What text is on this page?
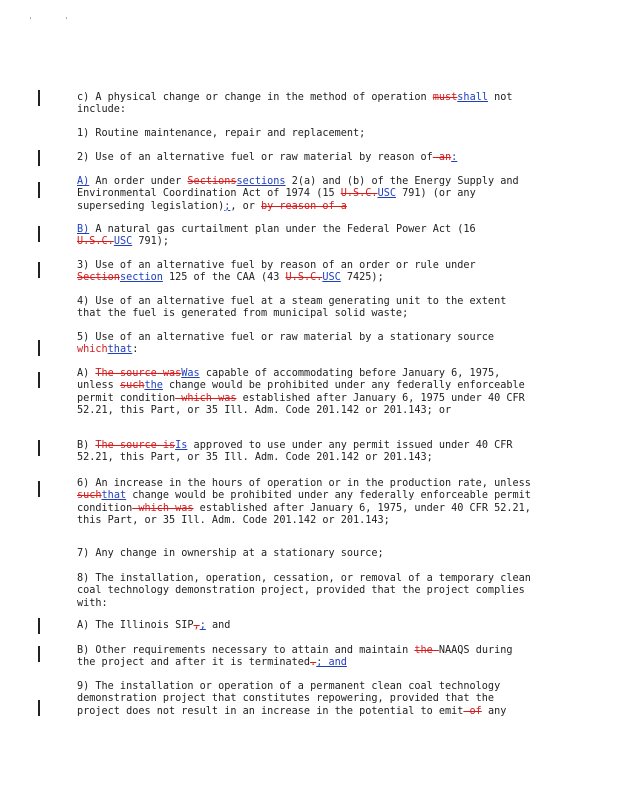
'	'
c) A physical change or change in the method of operation mustshall not include:
1) Routine maintenance, repair and replacement;
2) Use of an alternative fuel or raw material by reason of an:
A) An order under Sectionssections 2(a) and (b) of the Energy Supply and Environmental Coordination Act of 1974 (15 U.S.C.USC 791) (or any superseding legislation);, or by reason of a
B) A natural gas curtailment plan under the Federal Power Act (16 U.S.C.USC 791);
3) Use of an alternative fuel by reason of an order or rule under Sectionsection 125 of the CAA (43 U.S.C.USC 7425);
4) Use of an alternative fuel at a steam generating unit to the extent that the fuel is generated from municipal solid waste;
5) Use of an alternative fuel or raw material by a stationary source whichthat:
A) The source wasWas capable of accommodating before January 6, 1975, unless suchthe change would be prohibited under any federally enforceable permit condition which was established after January 6, 1975 under 40 CFR 52.21, this Part, or 35 Ill. Adm. Code 201.142 or 201.143; or
B) The source isIs approved to use under any permit issued under 40 CFR 52.21, this Part, or 35 Ill. Adm. Code 201.142 or 201.143;
6) An increase in the hours of operation or in the production rate, unless suchthat change would be prohibited under any federally enforceable permit condition which was established after January 6, 1975, under 40 CFR 52.21, this Part, or 35 Ill. Adm. Code 201.142 or 201.143;
7) Any change in ownership at a stationary source;
8) The installation, operation, cessation, or removal of a temporary clean coal technology demonstration project, provided that the project complies with:
A) The Illinois SIP,; and
B) Other requirements necessary to attain and maintain the NAAQS during the project and after it is terminated.; and
9) The installation or operation of a permanent clean coal technology demonstration project that constitutes repowering, provided that the project does not result in an increase in the potential to emit of any
